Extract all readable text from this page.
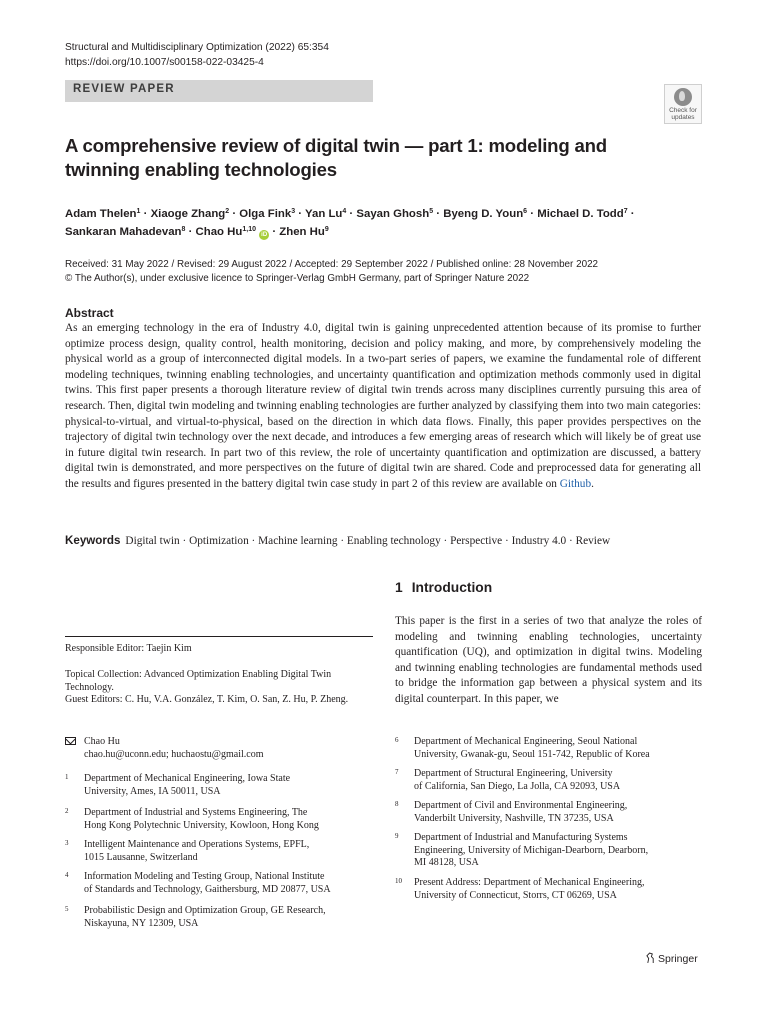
Structural and Multidisciplinary Optimization (2022) 65:354
https://doi.org/10.1007/s00158-022-03425-4
REVIEW PAPER
Check for
updates
A comprehensive review of digital twin — part 1: modeling and twinning enabling technologies
Adam Thelen$^1$ · Xiaoge Zhang$^2$ · Olga Fink$^3$ · Yan $Lu^4$ · Sayan Ghosh$^5$ · Byeng D. Youn$^6$ · Michael D. Todd$^7$ ·
Sankaran Mahadevan$^8$ · Chao Hu$^{1,10}$ iD · Zhen Hu$^9$
Received: 31 May 2022 / Revised: 29 August 2022 / Accepted: 29 September 2022 / Published online: 28 November 2022
© The Author(s), under exclusive licence to Springer-Verlag GmbH Germany, part of Springer Nature 2022
Abstract

As an emerging technology in the era of Industry 4.0, digital twin is gaining unprecedented attention because of its promise to further optimize process design, quality control, health monitoring, decision and policy making, and more, by comprehensively modeling the physical world as a group of interconnected digital models. In a two-part series of papers, we examine the fundamental role of different modeling techniques, twinning enabling technologies, and uncertainty quantification and optimization methods commonly used in digital twins. This first paper presents a thorough literature review of digital twin trends across many disciplines currently pursuing this area of research. Then, digital twin modeling and twinning enabling technologies are further analyzed by classifying them into two main categories: physical-to-virtual, and virtual-to-physical, based on the direction in which data flows. Finally, this paper provides perspectives on the trajectory of digital twin technology over the next decade, and introduces a few emerging areas of research which will likely be of great use in future digital twin research. In part two of this review, the role of uncertainty quantification and optimization are discussed, a battery digital twin is demonstrated, and more perspectives on the future of digital twin are shared. Code and preprocessed data for generating all the results and figures presented in the battery digital twin case study in part 2 of this review are available on Github.

Keywords Digital twin · Optimization · Machine learning · Enabling technology · Perspective · Industry 4.0 · Review
1 Introduction

This paper is the first in a series of two that analyze the roles of modeling and twinning enabling technologies, uncertainty quantification (UQ), and optimization in digital twins. Modeling and twinning enabling technologies are fundamental methods used to bridge the information gap between a physical system and its digital counterpart. In this paper, we

Responsible Editor: Taejin Kim
Topical Collection: Advanced Optimization Enabling Digital Twin Technology.
Guest Editors: C. Hu, V.A. González, T. Kim, O. San, Z. Hu, P. Zheng.
Chao Hu
chao.hu@uconn.edu; huchaostu@gmail.com
1 Department of Mechanical Engineering, Iowa State
University, Ames, IA 50011, USA
2 Department of Industrial and Systems Engineering, The
Hong Kong Polytechnic University, Kowloon, Hong Kong
3 Intelligent Maintenance and Operations Systems, EPFL,
1015 Lausanne, Switzerland
4 Information Modeling and Testing Group, National Institute
of Standards and Technology, Gaithersburg, MD 20877, USA
5 Probabilistic Design and Optimization Group, GE Research,
Niskayuna, NY 12309, USA
6 Department of Mechanical Engineering, Seoul National
University, Gwanak-gu, Seoul 151-742, Republic of Korea
7 Department of Structural Engineering, University
of California, San Diego, La Jolla, CA 92093, USA
8 Department of Civil and Environmental Engineering,
Vanderbilt University, Nashville, TN 37235, USA
9 Department of Industrial and Manufacturing Systems
Engineering, University of Michigan-Dearborn, Dearborn,
MI 48128, USA
10 Present Address: Department of Mechanical Engineering,
University of Connecticut, Storrs, CT 06269, USA
Springer
